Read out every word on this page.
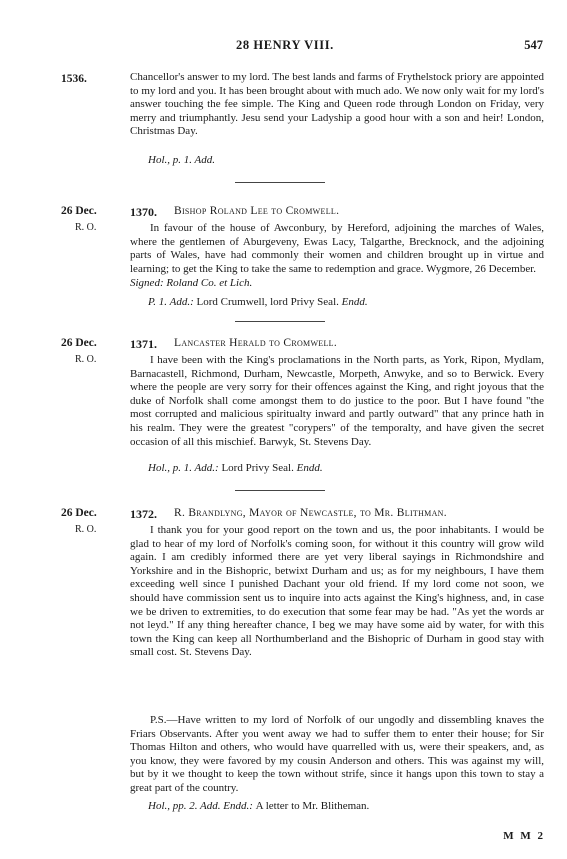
28 HENRY VIII.	547
1536.	Chancellor's answer to my lord. The best lands and farms of Frythelstock priory are appointed to my lord and you. It has been brought about with much ado. We now only wait for my lord's answer touching the fee simple. The King and Queen rode through London on Friday, very merry and triumphantly. Jesu send your Ladyship a good hour with a son and heir! London, Christmas Day.
Hol., p. 1. Add.
26 Dec.
R. O.
1370. Bishop Roland Lee to Cromwell.
In favour of the house of Awconbury, by Hereford, adjoining the marches of Wales, where the gentlemen of Aburgeveny, Ewas Lacy, Talgarthe, Brecknock, and the adjoining parts of Wales, have had commonly their women and children brought up in virtue and learning; to get the King to take the same to redemption and grace. Wygmore, 26 December.
Signed: Roland Co. et Lich.
P. 1. Add.: Lord Crumwell, lord Privy Seal. Endd.
26 Dec.
R. O.
1371. Lancaster Herald to Cromwell.
I have been with the King's proclamations in the North parts, as York, Ripon, Mydlam, Barnacastell, Richmond, Durham, Newcastle, Morpeth, Anwyke, and so to Berwick. Every where the people are very sorry for their offences against the King, and right joyous that the duke of Norfolk shall come amongst them to do justice to the poor. But I have found "the most corrupted and malicious spiritualty inward and partly outward" that any prince hath in his realm. They were the greatest "corypers" of the temporalty, and have given the secret occasion of all this mischief. Barwyk, St. Stevens Day.
Hol., p. 1. Add.: Lord Privy Seal. Endd.
26 Dec.
R. O.
1372. R. Brandlyng, Mayor of Newcastle, to Mr. Blithman.
I thank you for your good report on the town and us, the poor inhabitants. I would be glad to hear of my lord of Norfolk's coming soon, for without it this country will grow wild again. I am credibly informed there are yet very liberal sayings in Richmondshire and Yorkshire and in the Bishopric, betwixt Durham and us; as for my neighbours, I have them exceeding well since I punished Dachant your old friend. If my lord come not soon, we should have commission sent us to inquire into acts against the King's highness, and, in case we be driven to extremities, to do execution that some fear may be had. "As yet the words ar not leyd." If any thing hereafter chance, I beg we may have some aid by water, for with this town the King can keep all Northumberland and the Bishopric of Durham in good stay with small cost. St. Stevens Day.
P.S.—Have written to my lord of Norfolk of our ungodly and dissembling knaves the Friars Observants. After you went away we had to suffer them to enter their house; for Sir Thomas Hilton and others, who would have quarrelled with us, were their speakers, and, as you know, they were favored by my cousin Anderson and others. This was against my will, but by it we thought to keep the town without strife, since it hangs upon this town to stay a great part of the country.
Hol., pp. 2. Add. Endd.: A letter to Mr. Blitheman.
M M 2
